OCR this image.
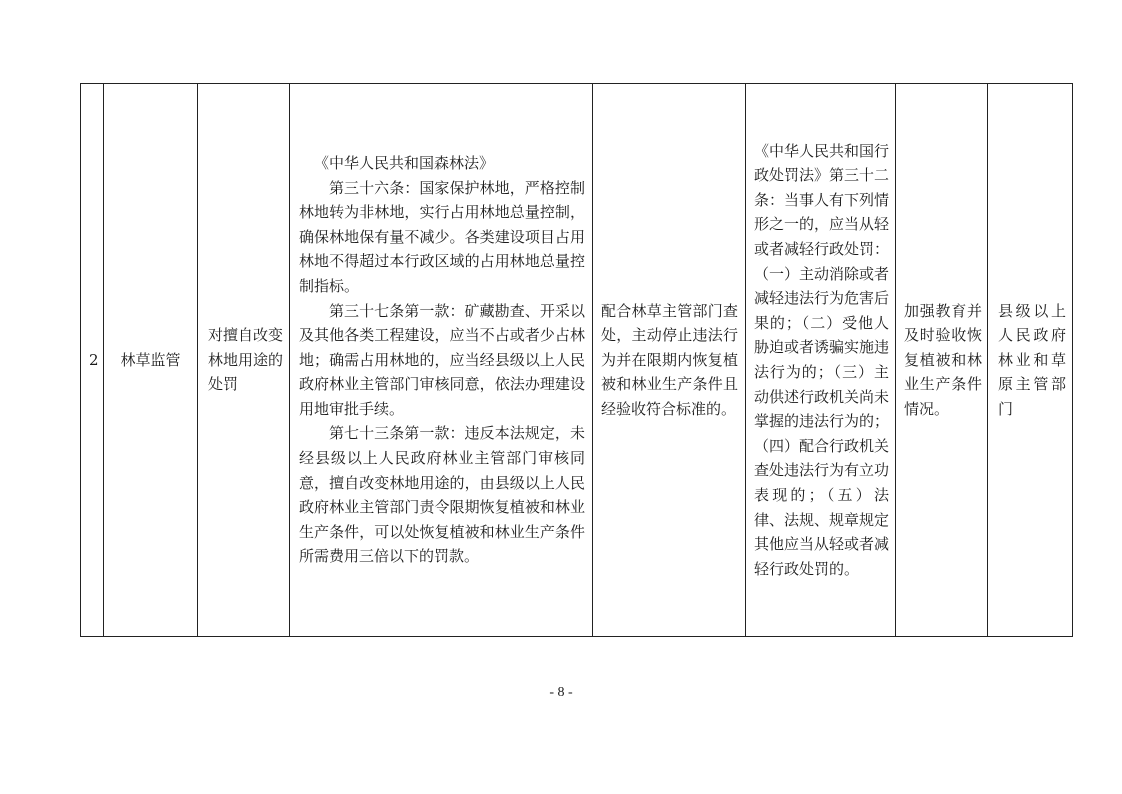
2	林草监管

对擅自改变林地用途的处罚

《中华人民共和国森林法》
第三十六条：国家保护林地，严格控制林地转为非林地，实行占用林地总量控制，确保林地保有量不减少。各类建设项目占用林地不得超过本行政区域的占用林地总量控制指标。
第三十七条第一款：矿藏勘查、开采以及其他各类工程建设，应当不占或者少占林地；确需占用林地的，应当经县级以上人民政府林业主管部门审核同意，依法办理建设用地审批手续。
第七十三条第一款：违反本法规定，未经县级以上人民政府林业主管部门审核同意，擅自改变林地用途的，由县级以上人民政府林业主管部门责令限期恢复植被和林业生产条件，可以处恢复植被和林业生产条件所需费用三倍以下的罚款。

配合林草主管部门查处，主动停止违法行为并在限期内恢复植被和林业生产条件且经验收符合标准的。

《中华人民共和国行政处罚法》第三十二条：当事人有下列情形之一的，应当从轻或者减轻行政处罚：（一）主动消除或者减轻违法行为危害后果的；（二）受他人胁迫或者诱骗实施违法行为的；（三）主动供述行政机关尚未掌握的违法行为的；（四）配合行政机关查处违法行为有立功表现的；（五）法律、法规、规章规定其他应当从轻或者减轻行政处罚的。

加强教育并及时验收恢复植被和林业生产条件情况。

县级以上人民政府林业和草原主管部门
- 8 -
